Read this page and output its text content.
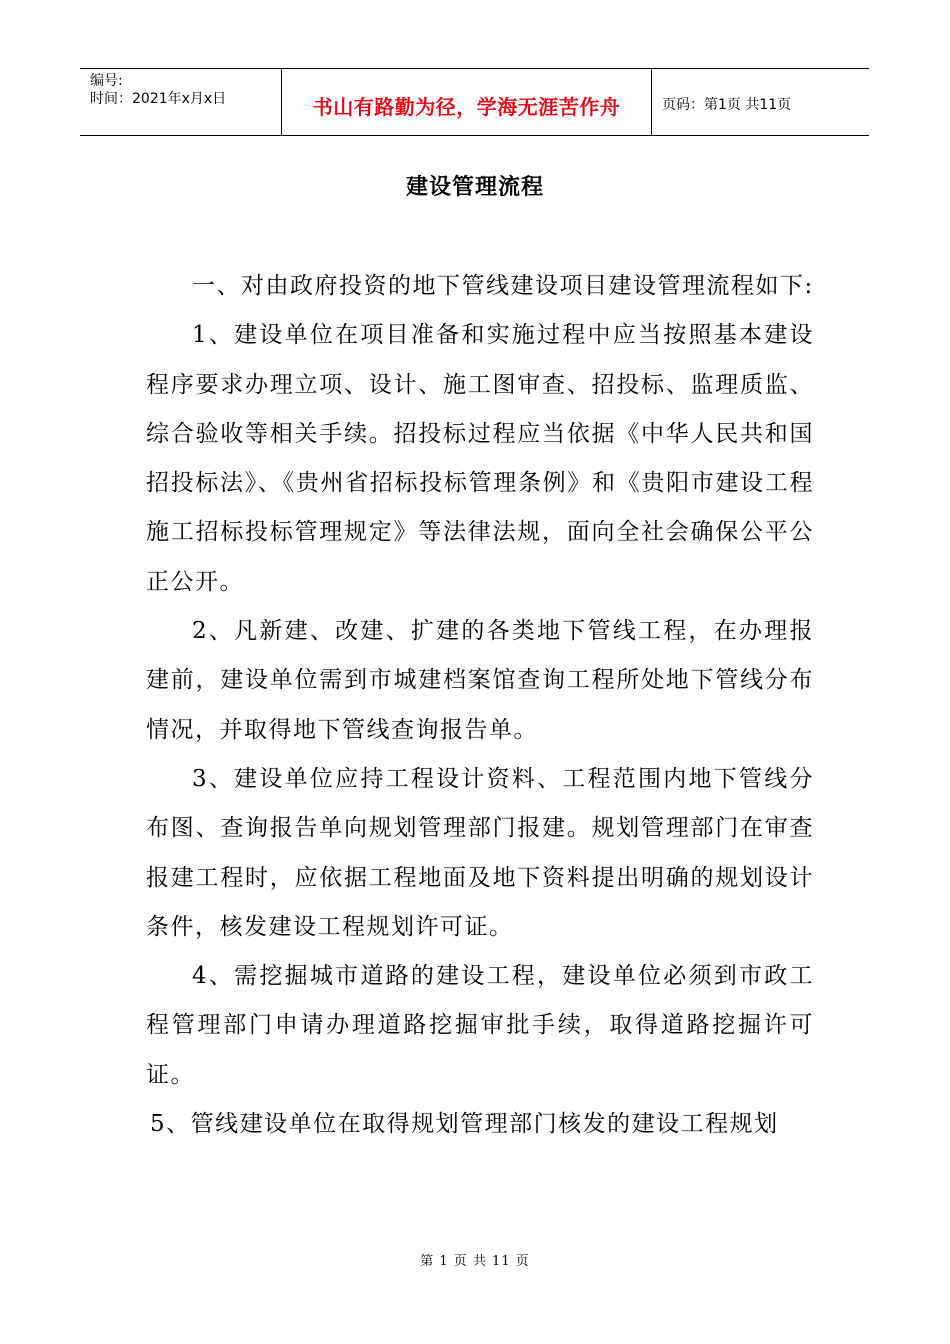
编号:
时间：2021年x月x日	书山有路勤为径，学海无涯苦作舟	页码：第1页 共11页
建设管理流程

一、对由政府投资的地下管线建设项目建设管理流程如下:

1、建设单位在项目准备和实施过程中应当按照基本建设程序要求办理立项、设计、施工图审查、招投标、监理质监、综合验收等相关手续。招投标过程应当依据《中华人民共和国招投标法》、《贵州省招标投标管理条例》和《贵阳市建设工程施工招标投标管理规定》等法律法规，面向全社会确保公平公正公开。

2、凡新建、改建、扩建的各类地下管线工程，在办理报建前，建设单位需到市城建档案馆查询工程所处地下管线分布情况，并取得地下管线查询报告单。

3、建设单位应持工程设计资料、工程范围内地下管线分布图、查询报告单向规划管理部门报建。规划管理部门在审查报建工程时，应依据工程地面及地下资料提出明确的规划设计条件，核发建设工程规划许可证。

4、需挖掘城市道路的建设工程，建设单位必须到市政工程管理部门申请办理道路挖掘审批手续，取得道路挖掘许可证。

5、管线建设单位在取得规划管理部门核发的建设工程规划

第 1 页 共 11 页
